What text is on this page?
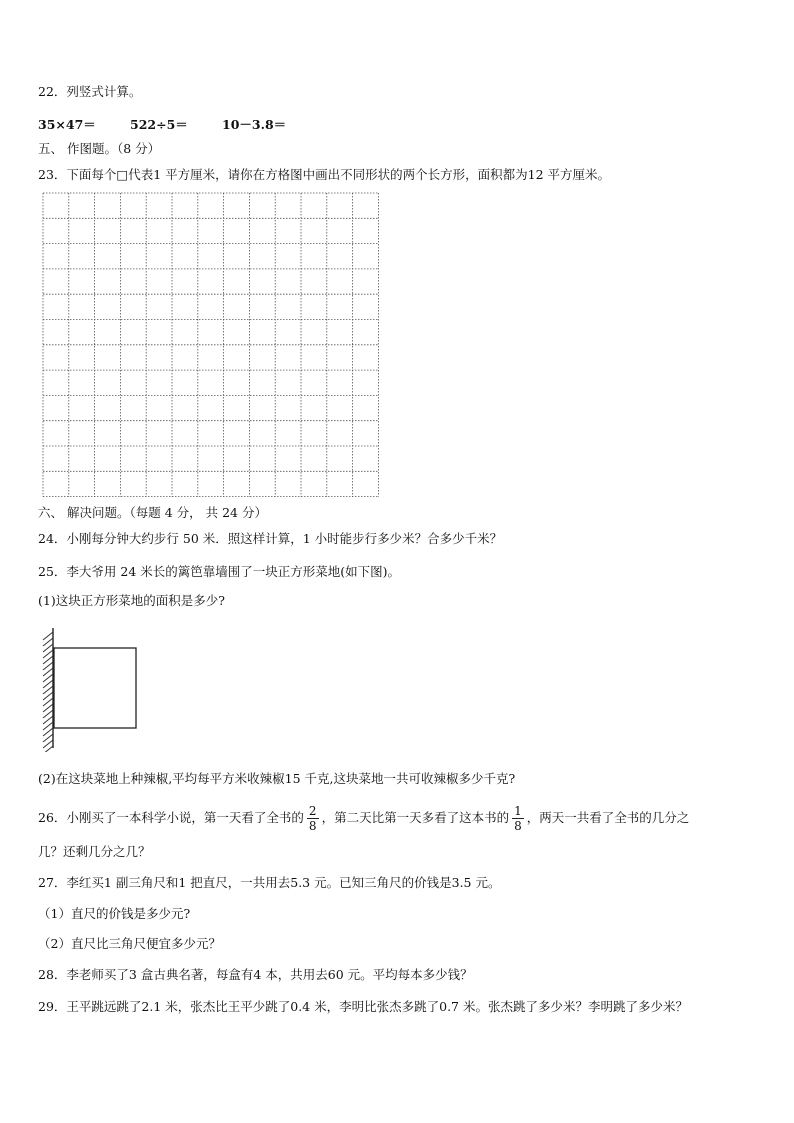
22．列竖式计算。
35×47＝	522÷5＝	10－3.8＝
五、 作图题。（8 分）
23．下面每个□代表1 平方厘米，请你在方格图中画出不同形状的两个长方形，面积都为12 平方厘米。
六、 解决问题。（每题 4 分， 共 24 分）
24．小刚每分钟大约步行 50 米．照这样计算，1 小时能步行多少米？合多少千米？
25．李大爷用 24 米长的篱笆靠墙围了一块正方形菜地(如下图)。
(1)这块正方形菜地的面积是多少?
(2)在这块菜地上种辣椒,平均每平方米收辣椒15 千克,这块菜地一共可收辣椒多少千克?
26．小刚买了一本科学小说，第一天看了全书的 $\frac{2}{8}$ ，第二天比第一天多看了这本书的 $\frac{1}{8}$ ，两天一共看了全书的几分之
几？还剩几分之几？
27．李红买1 副三角尺和1 把直尺，一共用去5.3 元。已知三角尺的价钱是3.5 元。
（1）直尺的价钱是多少元?
（2）直尺比三角尺便宜多少元？
28．李老师买了3 盒古典名著，每盒有4 本，共用去60 元。平均每本多少钱？
29．王平跳远跳了2.1 米，张杰比王平少跳了0.4 米，李明比张杰多跳了0.7 米。张杰跳了多少米？李明跳了多少米？
